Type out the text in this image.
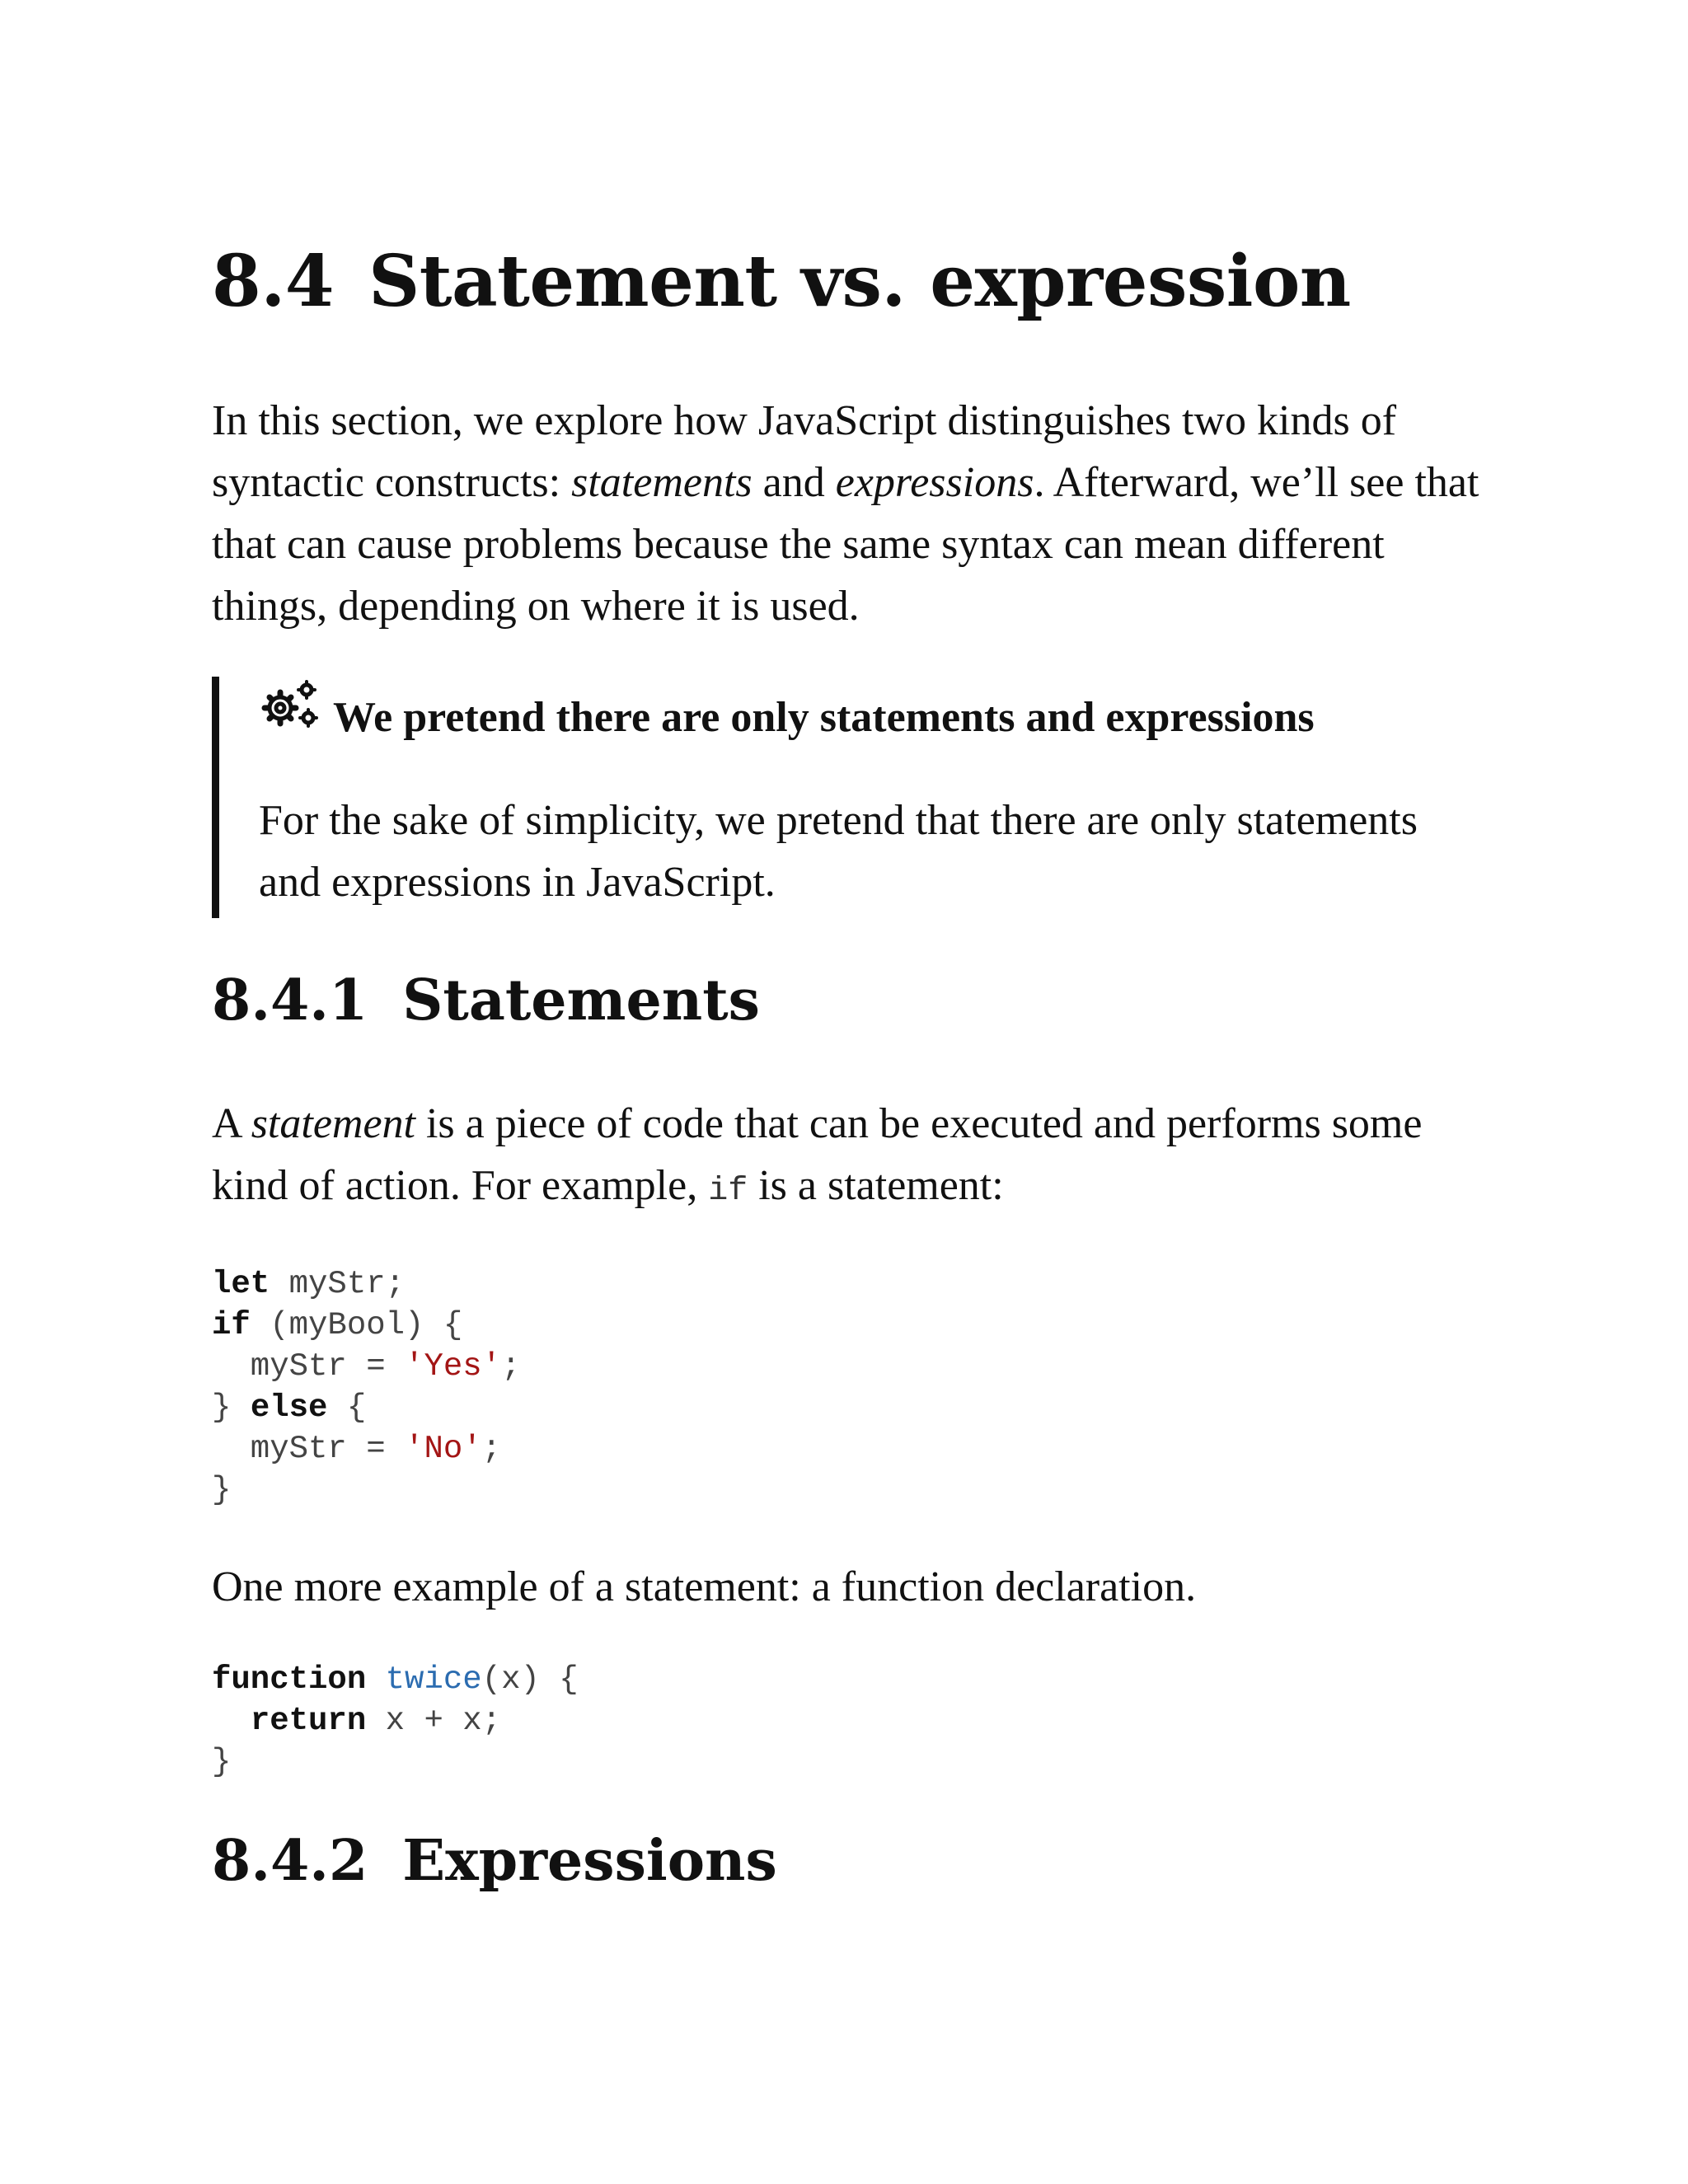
8.4 Statement vs. expression

In this section, we explore how JavaScript distinguishes two kinds of syntactic constructs: statements and expressions. Afterward, we’ll see that that can cause problems because the same syntax can mean different things, depending on where it is used.

We pretend there are only statements and expressions

For the sake of simplicity, we pretend that there are only statements and expressions in JavaScript.

8.4.1 Statements

A statement is a piece of code that can be executed and performs some kind of action. For example, if is a statement:

let myStr;
if (myBool) {
myStr = 'Yes';
} else {
myStr = 'No';
}

One more example of a statement: a function declaration.

function twice(x) {
return x + x;
}
8.4.2 Expressions
